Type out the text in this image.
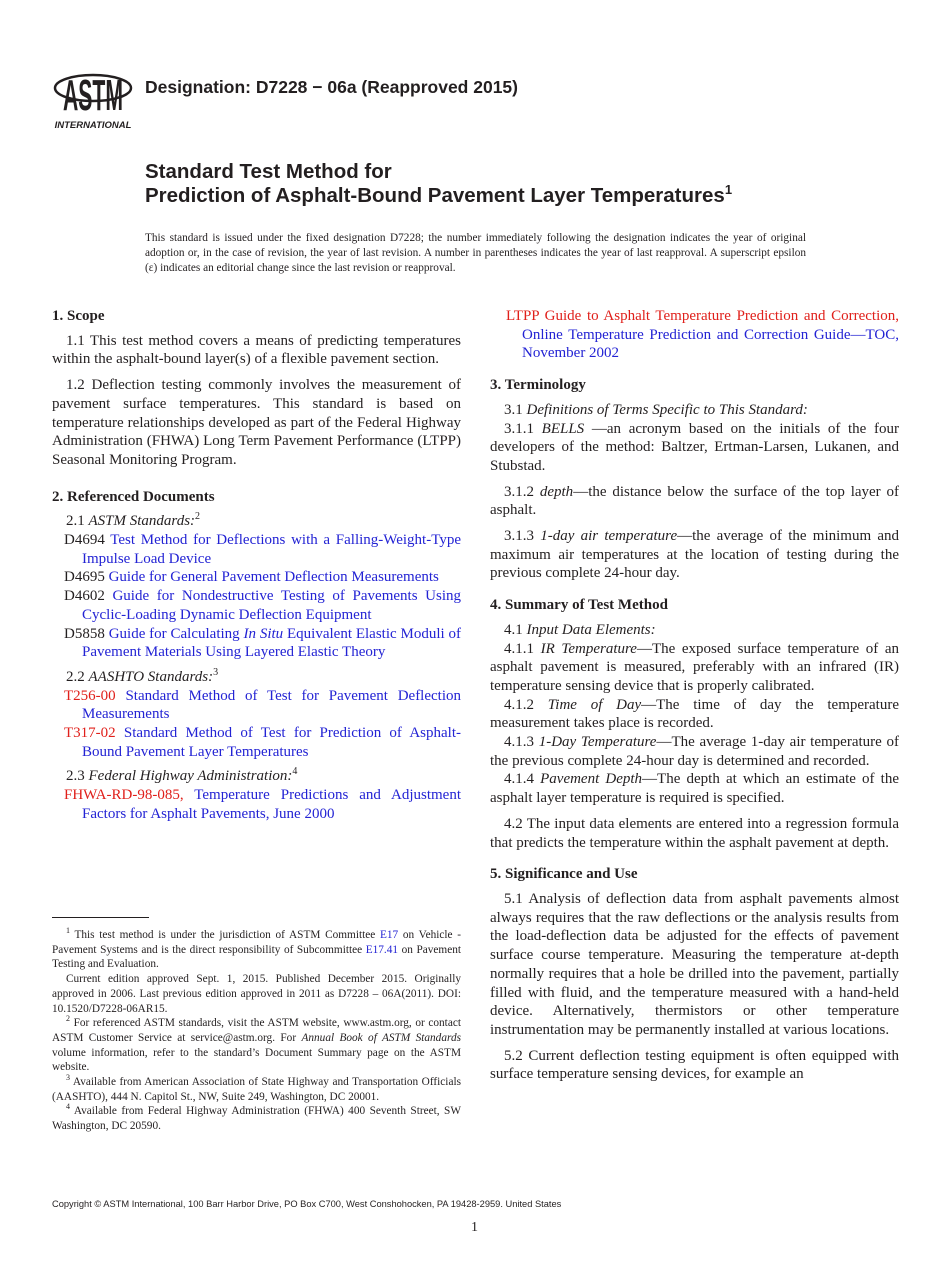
ASTM
INTERNATIONAL
Designation: D7228 − 06a (Reapproved 2015)
Standard Test Method for
Prediction of Asphalt-Bound Pavement Layer Temperatures$^1$
This standard is issued under the fixed designation D7228; the number immediately following the designation indicates the year of original adoption or, in the case of revision, the year of last revision. A number in parentheses indicates the year of last reapproval. A superscript epsilon (ε) indicates an editorial change since the last revision or reapproval.
1. Scope

1.1 This test method covers a means of predicting temperatures within the asphalt-bound layer(s) of a flexible pavement section.

1.2 Deflection testing commonly involves the measurement of pavement surface temperatures. This standard is based on temperature relationships developed as part of the Federal Highway Administration (FHWA) Long Term Pavement Performance (LTPP) Seasonal Monitoring Program.

2. Referenced Documents

2.1 ASTM Standards:$^2$

D4694 Test Method for Deflections with a Falling-Weight-Type Impulse Load Device

D4695 Guide for General Pavement Deflection Measurements

D4602 Guide for Nondestructive Testing of Pavements Using Cyclic-Loading Dynamic Deflection Equipment

D5858 Guide for Calculating In Situ Equivalent Elastic Moduli of Pavement Materials Using Layered Elastic Theory

2.2 AASHTO Standards:$^3$

T256-00 Standard Method of Test for Pavement Deflection Measurements

T317-02 Standard Method of Test for Prediction of Asphalt-Bound Pavement Layer Temperatures

2.3 Federal Highway Administration:$^4$

FHWA-RD-98-085, Temperature Predictions and Adjustment Factors for Asphalt Pavements, June 2000

$^1$ This test method is under the jurisdiction of ASTM Committee E17 on Vehicle - Pavement Systems and is the direct responsibility of Subcommittee E17.41 on Pavement Testing and Evaluation.

Current edition approved Sept. 1, 2015. Published December 2015. Originally approved in 2006. Last previous edition approved in 2011 as D7228 – 06A(2011). DOI: 10.1520/D7228-06AR15.

$^2$ For referenced ASTM standards, visit the ASTM website, www.astm.org, or contact ASTM Customer Service at service@astm.org. For Annual Book of ASTM Standards volume information, refer to the standard’s Document Summary page on the ASTM website.

$^3$ Available from American Association of State Highway and Transportation Officials (AASHTO), 444 N. Capitol St., NW, Suite 249, Washington, DC 20001.

$^4$ Available from Federal Highway Administration (FHWA) 400 Seventh Street, SW Washington, DC 20590.

LTPP Guide to Asphalt Temperature Prediction and Correction, Online Temperature Prediction and Correction Guide—TOC, November 2002

3. Terminology

3.1 Definitions of Terms Specific to This Standard:

3.1.1 BELLS —an acronym based on the initials of the four developers of the method: Baltzer, Ertman-Larsen, Lukanen, and Stubstad.

3.1.2 depth—the distance below the surface of the top layer of asphalt.

3.1.3 1-day air temperature—the average of the minimum and maximum air temperatures at the location of testing during the previous complete 24-hour day.

4. Summary of Test Method

4.1 Input Data Elements:

4.1.1 IR Temperature—The exposed surface temperature of an asphalt pavement is measured, preferably with an infrared (IR) temperature sensing device that is properly calibrated.

4.1.2 Time of Day—The time of day the temperature measurement takes place is recorded.

4.1.3 1-Day Temperature—The average 1-day air temperature of the previous complete 24-hour day is determined and recorded.

4.1.4 Pavement Depth—The depth at which an estimate of the asphalt layer temperature is required is specified.

4.2 The input data elements are entered into a regression formula that predicts the temperature within the asphalt pavement at depth.

5. Significance and Use

5.1 Analysis of deflection data from asphalt pavements almost always requires that the raw deflections or the analysis results from the load-deflection data be adjusted for the effects of pavement surface course temperature. Measuring the temperature at-depth normally requires that a hole be drilled into the pavement, partially filled with fluid, and the temperature measured with a hand-held device. Alternatively, thermistors or other temperature instrumentation may be permanently installed at various locations.

5.2 Current deflection testing equipment is often equipped with surface temperature sensing devices, for example an

Copyright © ASTM International, 100 Barr Harbor Drive, PO Box C700, West Conshohocken, PA 19428-2959. United States
1
